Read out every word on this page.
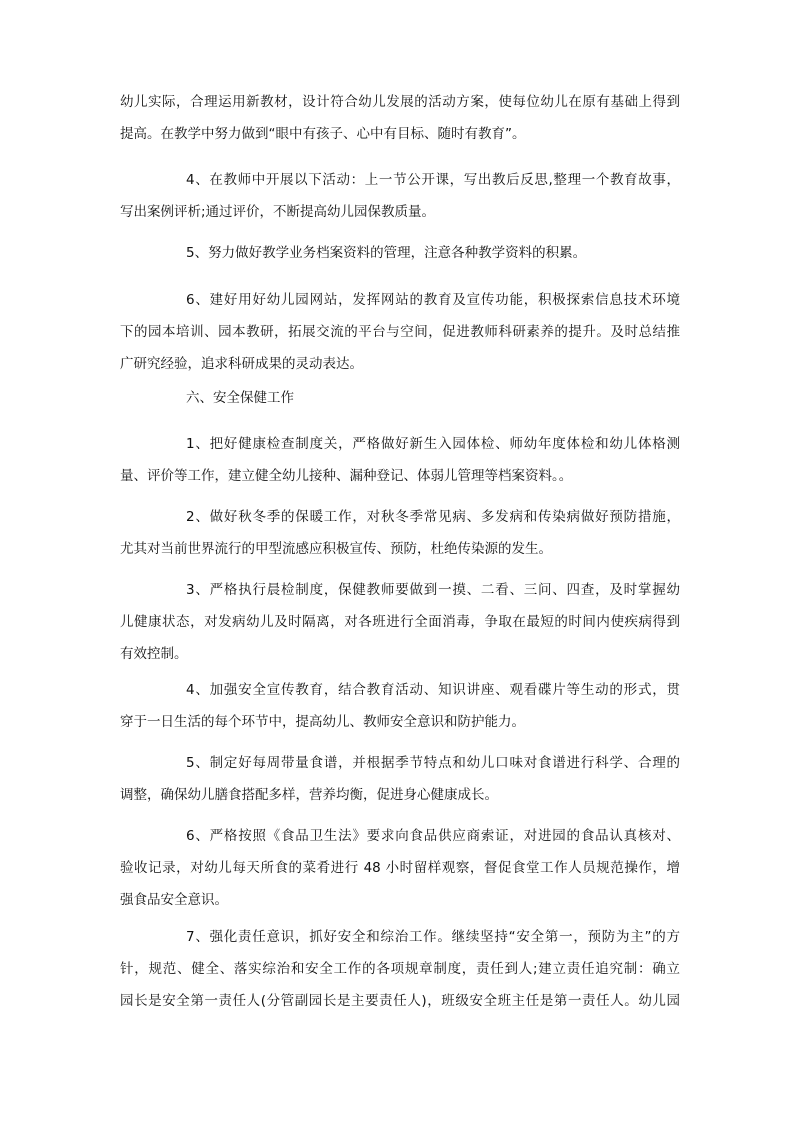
幼儿实际，合理运用新教材，设计符合幼儿发展的活动方案，使每位幼儿在原有基础上得到
提高。在教学中努力做到“眼中有孩子、心中有目标、随时有教育”。

4、在教师中开展以下活动：上一节公开课，写出教后反思,整理一个教育故事，
写出案例评析;通过评价，不断提高幼儿园保教质量。

5、努力做好教学业务档案资料的管理，注意各种教学资料的积累。

6、建好用好幼儿园网站，发挥网站的教育及宣传功能，积极探索信息技术环境
下的园本培训、园本教研，拓展交流的平台与空间，促进教师科研素养的提升。及时总结推
广研究经验，追求科研成果的灵动表达。

六、安全保健工作

1、把好健康检查制度关，严格做好新生入园体检、师幼年度体检和幼儿体格测
量、评价等工作，建立健全幼儿接种、漏种登记、体弱儿管理等档案资料。。

2、做好秋冬季的保暖工作，对秋冬季常见病、多发病和传染病做好预防措施，
尤其对当前世界流行的甲型流感应积极宣传、预防，杜绝传染源的发生。

3、严格执行晨检制度，保健教师要做到一摸、二看、三问、四查，及时掌握幼
儿健康状态，对发病幼儿及时隔离，对各班进行全面消毒，争取在最短的时间内使疾病得到
有效控制。

4、加强安全宣传教育，结合教育活动、知识讲座、观看碟片等生动的形式，贯
穿于一日生活的每个环节中，提高幼儿、教师安全意识和防护能力。

5、制定好每周带量食谱，并根据季节特点和幼儿口味对食谱进行科学、合理的
调整，确保幼儿膳食搭配多样，营养均衡，促进身心健康成长。

6、严格按照《食品卫生法》要求向食品供应商索证，对进园的食品认真核对、
验收记录，对幼儿每天所食的菜肴进行 48 小时留样观察，督促食堂工作人员规范操作，增
强食品安全意识。

7、强化责任意识，抓好安全和综治工作。继续坚持“安全第一，预防为主”的方
针，规范、健全、落实综治和安全工作的各项规章制度，责任到人;建立责任追究制：确立
园长是安全第一责任人(分管副园长是主要责任人)，班级安全班主任是第一责任人。幼儿园
